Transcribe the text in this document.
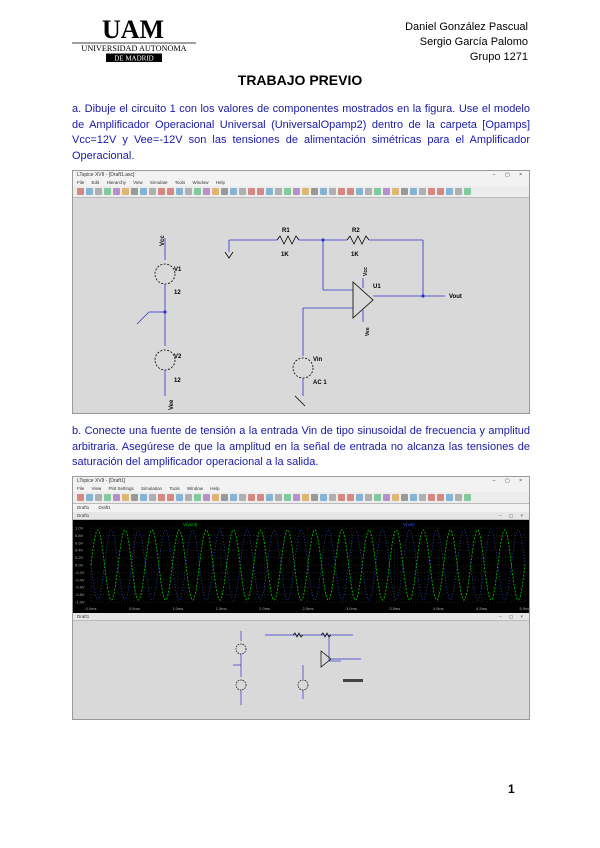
UAM
UNIVERSIDAD AUTONOMA
DE MADRID
Daniel González Pascual
Sergio García Palomo
Grupo 1271
TRABAJO PREVIO
a. Dibuje el circuito 1 con los valores de componentes mostrados en la figura. Use el modelo de Amplificador Operacional Universal (UniversalOpamp2) dentro de la carpeta [Opamps] Vcc=12V y Vee=-12V son las tensiones de alimentación simétricas para el Amplificador Operacional.
LTspice XVII - [Draft1.asc]	– ▢ ×
File Edit Hierarchy View Simulate Tools Window Help
Vcc
V1
12
V2
12
Vee
R1
1K
R2
1K
U1
Vcc
Vee
Vout
Vin
AC 1
b. Conecte una fuente de tensión a la entrada Vin de tipo sinusoidal de frecuencia y amplitud arbitraria. Asegúrese de que la amplitud en la señal de entrada no alcanza las tensiones de saturación del amplificador operacional a la salida.
LTspice XVII - [Draft1]	– ▢ ×
File View Plot Settings Simulation Tools Window Help
Draft1 Draft1
Draft1	– ▢ ×
0.0ms	0.5ms	1.0ms	1.5ms	2.0ms	2.5ms	3.0ms	3.5ms	4.0ms	4.5ms	5.0ms
1.0V
0.8V
0.6V
0.4V
0.2V
0.0V
-0.2V
-0.4V
-0.6V
-0.8V
-1.0V
V(vout)	V(vin)
Draft1	– ▢ ×
1
